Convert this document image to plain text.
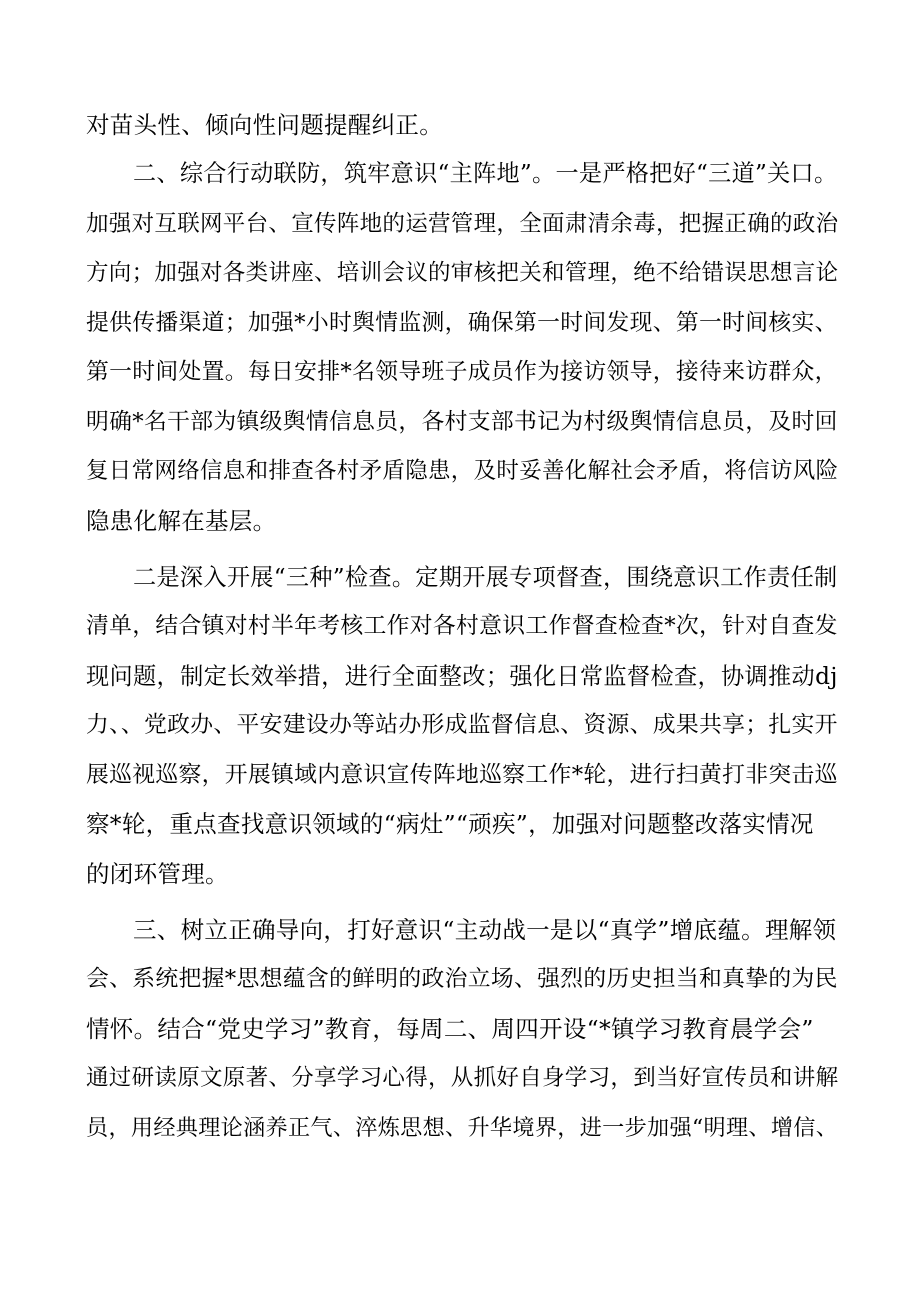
对苗头性、倾向性问题提醒纠正。

二、综合行动联防，筑牢意识“主阵地”。一是严格把好“三道”关口。

加强对互联网平台、宣传阵地的运营管理，全面肃清余毒，把握正确的政治

方向；加强对各类讲座、培训会议的审核把关和管理，绝不给错误思想言论

提供传播渠道；加强*小时舆情监测，确保第一时间发现、第一时间核实、

第一时间处置。每日安排*名领导班子成员作为接访领导，接待来访群众，

明确*名干部为镇级舆情信息员，各村支部书记为村级舆情信息员，及时回

复日常网络信息和排查各村矛盾隐患，及时妥善化解社会矛盾，将信访风险

隐患化解在基层。

二是深入开展“三种”检查。定期开展专项督查，围绕意识工作责任制

清单，结合镇对村半年考核工作对各村意识工作督查检查*次，针对自查发

现问题，制定长效举措，进行全面整改；强化日常监督检查，协调推动dj

力、、党政办、平安建设办等站办形成监督信息、资源、成果共享；扎实开

展巡视巡察，开展镇域内意识宣传阵地巡察工作*轮，进行扫黄打非突击巡

察*轮，重点查找意识领域的“病灶”“顽疾”，加强对问题整改落实情况

的闭环管理。

三、树立正确导向，打好意识“主动战一是以“真学”增底蕴。理解领

会、系统把握*思想蕴含的鲜明的政治立场、强烈的历史担当和真挚的为民

情怀。结合“党史学习”教育，每周二、周四开设“*镇学习教育晨学会”

通过研读原文原著、分享学习心得，从抓好自身学习，到当好宣传员和讲解

员，用经典理论涵养正气、淬炼思想、升华境界，进一步加强“明理、增信、
